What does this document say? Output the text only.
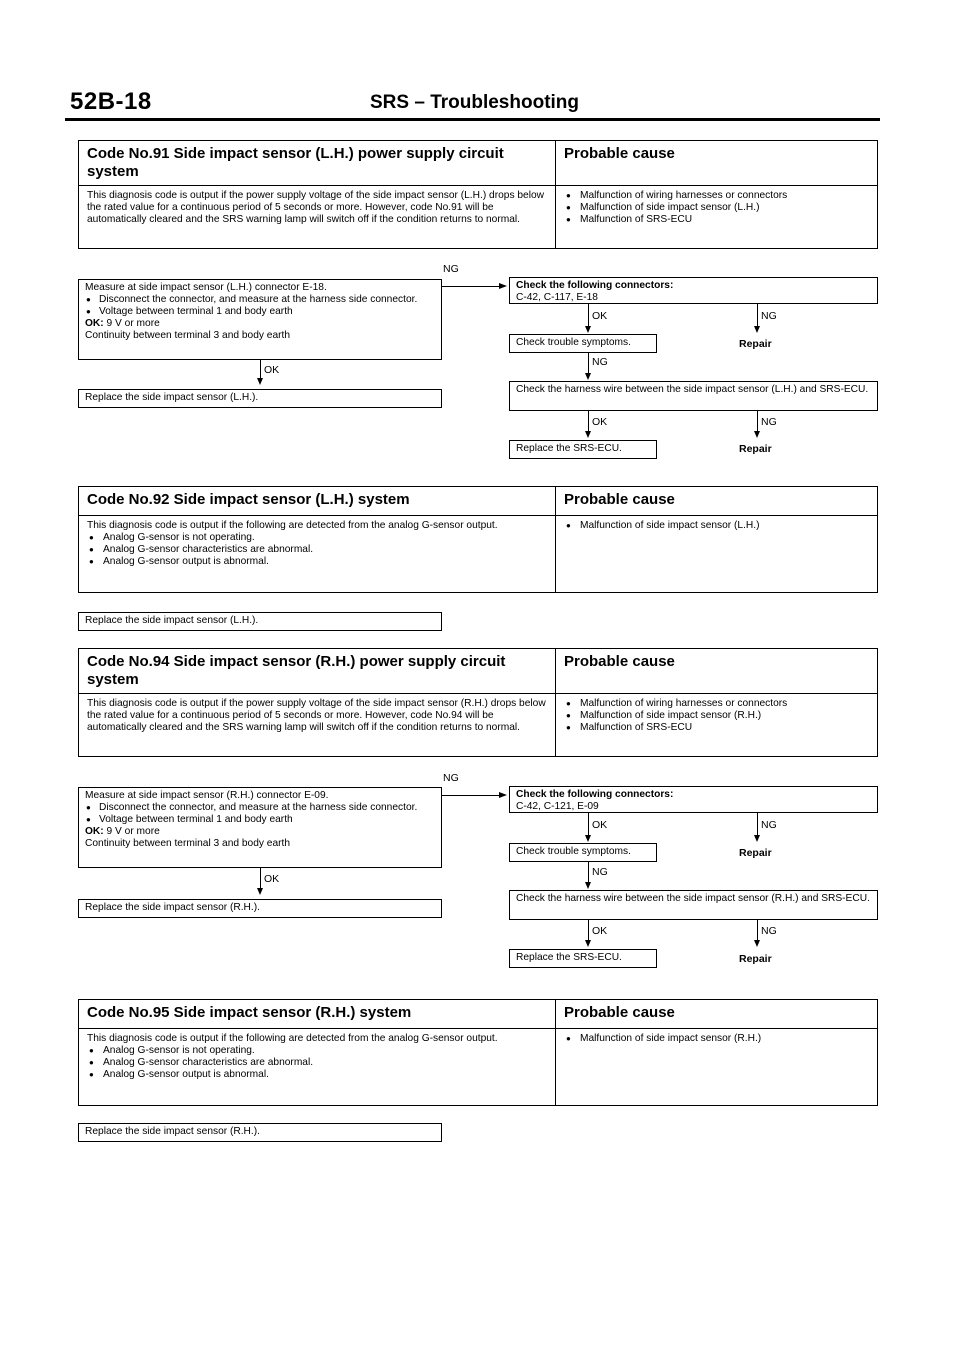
52B-18	SRS – Troubleshooting
Code No.91 Side impact sensor (L.H.) power supply circuit system
Probable cause

This diagnosis code is output if the power supply voltage of the side impact sensor (L.H.) drops below the rated value for a continuous period of 5 seconds or more. However, code No.91 will be automatically cleared and the SRS warning lamp will switch off if the condition returns to normal.

● Malfunction of wiring harnesses or connectors
● Malfunction of side impact sensor (L.H.)
● Malfunction of SRS-ECU

Measure at side impact sensor (L.H.) connector E-18.

● Disconnect the connector, and measure at the harness side connector.
● Voltage between terminal 1 and body earth

OK: 9 V or more

Continuity between terminal 3 and body earth

NG
OK
Replace the side impact sensor (L.H.).

Check the following connectors:

C-42, C-117, E-18

OK	NG
Check trouble symptoms.	Repair
NG
Check the harness wire between the side impact sensor (L.H.) and SRS-ECU.
OK	NG
Replace the SRS-ECU.	Repair
Code No.92 Side impact sensor (L.H.) system	Probable cause

This diagnosis code is output if the following are detected from the analog G-sensor output.

● Analog G-sensor is not operating.
● Analog G-sensor characteristics are abnormal.
● Analog G-sensor output is abnormal.
● Malfunction of side impact sensor (L.H.)
Replace the side impact sensor (L.H.).
Code No.94 Side impact sensor (R.H.) power supply circuit system
Probable cause

This diagnosis code is output if the power supply voltage of the side impact sensor (R.H.) drops below the rated value for a continuous period of 5 seconds or more. However, code No.94 will be automatically cleared and the SRS warning lamp will switch off if the condition returns to normal.

● Malfunction of wiring harnesses or connectors
● Malfunction of side impact sensor (R.H.)
● Malfunction of SRS-ECU

Measure at side impact sensor (R.H.) connector E-09.

● Disconnect the connector, and measure at the harness side connector.
● Voltage between terminal 1 and body earth

OK: 9 V or more

Continuity between terminal 3 and body earth

NG
OK
Replace the side impact sensor (R.H.).

Check the following connectors:

C-42, C-121, E-09

OK	NG
Check trouble symptoms.	Repair
NG
Check the harness wire between the side impact sensor (R.H.) and SRS-ECU.
OK	NG
Replace the SRS-ECU.	Repair
Code No.95 Side impact sensor (R.H.) system	Probable cause

This diagnosis code is output if the following are detected from the analog G-sensor output.

● Analog G-sensor is not operating.
● Analog G-sensor characteristics are abnormal.
● Analog G-sensor output is abnormal.
● Malfunction of side impact sensor (R.H.)
Replace the side impact sensor (R.H.).
